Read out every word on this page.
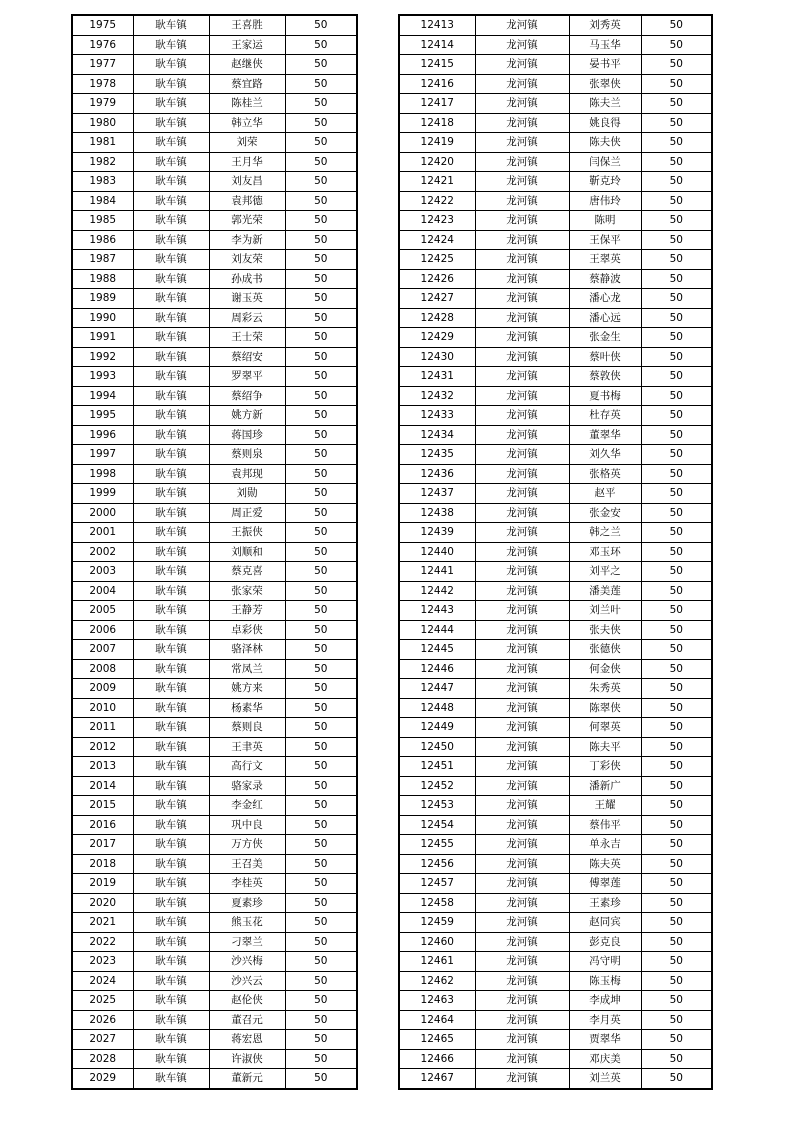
1975	耿车镇	王喜胜	50
1976	耿车镇	王家运	50
1977	耿车镇	赵继侠	50
1978	耿车镇	蔡宜路	50
1979	耿车镇	陈桂兰	50
1980	耿车镇	韩立华	50
1981	耿车镇	刘荣	50
1982	耿车镇	王月华	50
1983	耿车镇	刘友昌	50
1984	耿车镇	袁邦德	50
1985	耿车镇	郭光荣	50
1986	耿车镇	李为新	50
1987	耿车镇	刘友荣	50
1988	耿车镇	孙成书	50
1989	耿车镇	谢玉英	50
1990	耿车镇	周彩云	50
1991	耿车镇	王士荣	50
1992	耿车镇	蔡绍安	50
1993	耿车镇	罗翠平	50
1994	耿车镇	蔡绍争	50
1995	耿车镇	姚方新	50
1996	耿车镇	蒋国珍	50
1997	耿车镇	蔡则泉	50
1998	耿车镇	袁邦现	50
1999	耿车镇	刘勋	50
2000	耿车镇	周正爱	50
2001	耿车镇	王振侠	50
2002	耿车镇	刘顺和	50
2003	耿车镇	蔡克喜	50
2004	耿车镇	张家荣	50
2005	耿车镇	王静芳	50
2006	耿车镇	卓彩侠	50
2007	耿车镇	骆泽林	50
2008	耿车镇	常凤兰	50
2009	耿车镇	姚方来	50
2010	耿车镇	杨素华	50
2011	耿车镇	蔡则良	50
2012	耿车镇	王聿英	50
2013	耿车镇	高行文	50
2014	耿车镇	骆家录	50
2015	耿车镇	李金红	50
2016	耿车镇	巩中良	50
2017	耿车镇	万方侠	50
2018	耿车镇	王召美	50
2019	耿车镇	李桂英	50
2020	耿车镇	夏素珍	50
2021	耿车镇	熊玉花	50
2022	耿车镇	刁翠兰	50
2023	耿车镇	沙兴梅	50
2024	耿车镇	沙兴云	50
2025	耿车镇	赵伦侠	50
2026	耿车镇	董召元	50
2027	耿车镇	蒋宏恩	50
2028	耿车镇	许淑侠	50
2029	耿车镇	董新元	50
12413	龙河镇	刘秀英	50
12414	龙河镇	马玉华	50
12415	龙河镇	晏书平	50
12416	龙河镇	张翠侠	50
12417	龙河镇	陈夫兰	50
12418	龙河镇	姚良得	50
12419	龙河镇	陈夫侠	50
12420	龙河镇	闫保兰	50
12421	龙河镇	靳克玲	50
12422	龙河镇	唐伟玲	50
12423	龙河镇	陈明	50
12424	龙河镇	王保平	50
12425	龙河镇	王翠英	50
12426	龙河镇	蔡静波	50
12427	龙河镇	潘心龙	50
12428	龙河镇	潘心远	50
12429	龙河镇	张金生	50
12430	龙河镇	蔡叶侠	50
12431	龙河镇	蔡敦侠	50
12432	龙河镇	夏书梅	50
12433	龙河镇	杜存英	50
12434	龙河镇	董翠华	50
12435	龙河镇	刘久华	50
12436	龙河镇	张格英	50
12437	龙河镇	赵平	50
12438	龙河镇	张金安	50
12439	龙河镇	韩之兰	50
12440	龙河镇	邓玉环	50
12441	龙河镇	刘平之	50
12442	龙河镇	潘美莲	50
12443	龙河镇	刘兰叶	50
12444	龙河镇	张夫侠	50
12445	龙河镇	张德侠	50
12446	龙河镇	何金侠	50
12447	龙河镇	朱秀英	50
12448	龙河镇	陈翠侠	50
12449	龙河镇	何翠英	50
12450	龙河镇	陈夫平	50
12451	龙河镇	丁彩侠	50
12452	龙河镇	潘新广	50
12453	龙河镇	王耀	50
12454	龙河镇	蔡伟平	50
12455	龙河镇	单永吉	50
12456	龙河镇	陈夫英	50
12457	龙河镇	傅翠莲	50
12458	龙河镇	王素珍	50
12459	龙河镇	赵同宾	50
12460	龙河镇	彭克良	50
12461	龙河镇	冯守明	50
12462	龙河镇	陈玉梅	50
12463	龙河镇	李成坤	50
12464	龙河镇	李月英	50
12465	龙河镇	贾翠华	50
12466	龙河镇	邓庆美	50
12467	龙河镇	刘兰英	50
